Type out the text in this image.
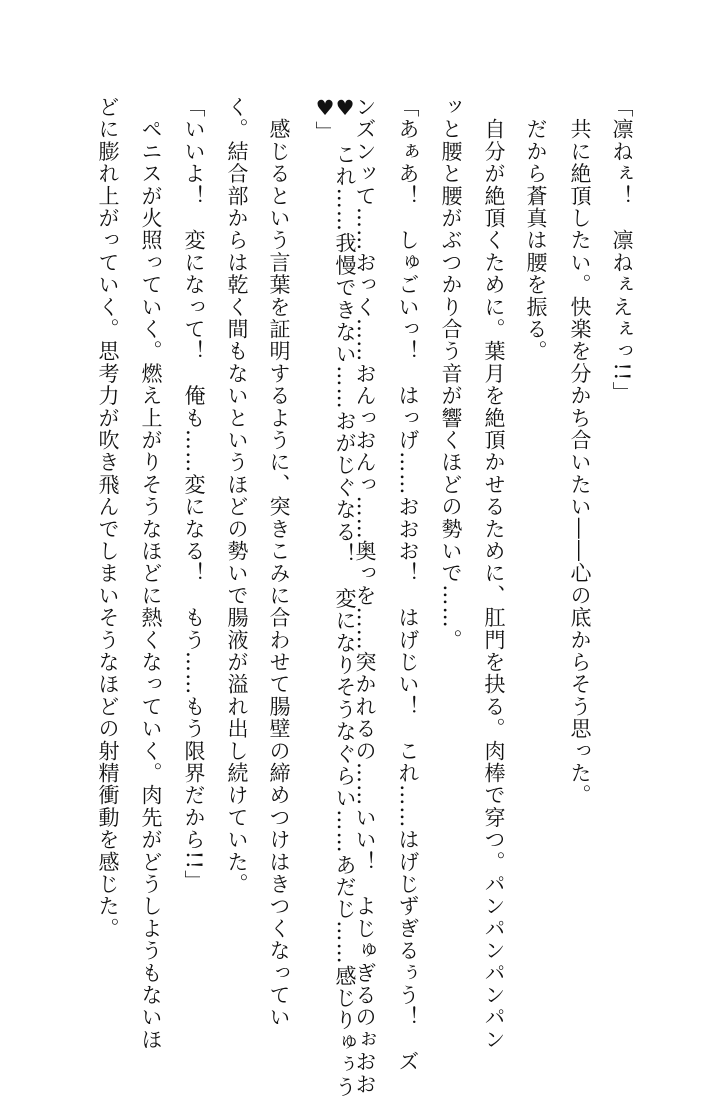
「凛ねぇ！　凛ねぇえぇっ!!」
　共に絶頂したい。快楽を分かち合いたい――心の底からそう思った。
　だから蒼真は腰を振る。
　自分が絶頂くために。葉月を絶頂かせるために、肛門を抉る。肉棒で穿つ。パンパンパンパン
ッと腰と腰がぶつかり合う音が響くほどの勢いで……。
「あぁあ！　しゅごいっ！　はっげ……おおお！　はげじい！　これ……はげじずぎるぅう！　ズ
ンズンッて……おっく……おんっおんっ……奥っを……突かれるの……いい！　よじゅぎるのぉおお
♥　これ……我慢できない……おがじぐなる！　変になりそうなぐらい……あだじ……感じりゅぅう
♥」
　感じるという言葉を証明するように、突きこみに合わせて腸壁の締めつけはきつくなってい
く。結合部からは乾く間もないというほどの勢いで腸液が溢れ出し続けていた。
「いいよ！　変になって！　俺も……変になる！　もう……もう限界だから!!」
　ペニスが火照っていく。燃え上がりそうなほどに熱くなっていく。肉先がどうしようもないほ
どに膨れ上がっていく。思考力が吹き飛んでしまいそうなほどの射精衝動を感じた。
